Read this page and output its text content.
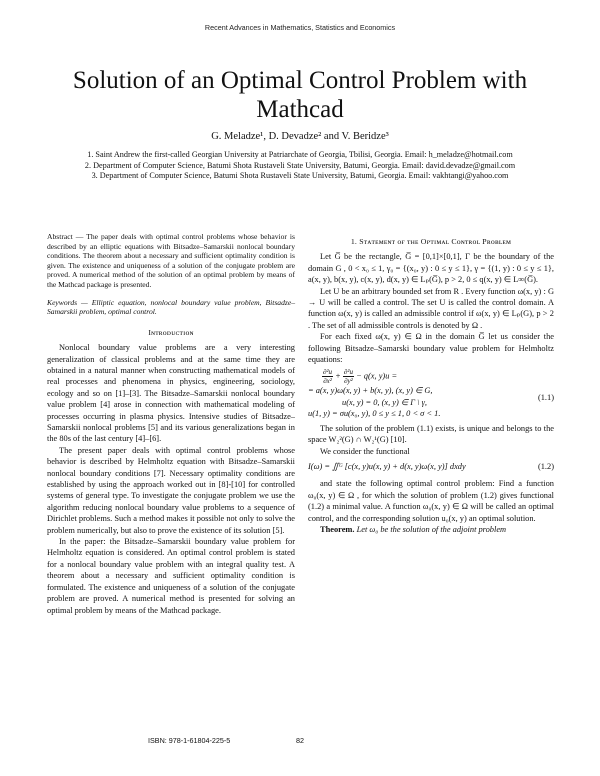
Recent Advances in Mathematics, Statistics and Economics
Solution of an Optimal Control Problem with Mathcad
G. Meladze¹, D. Devadze² and V. Beridze³

1. Saint Andrew the first-called Georgian University at Patriarchate of Georgia, Tbilisi, Georgia. Email: h_meladze@hotmail.com

2. Department of Computer Science, Batumi Shota Rustaveli State University, Batumi, Georgia. Email: david.devadze@gmail.com

3. Department of Computer Science, Batumi Shota Rustaveli State University, Batumi, Georgia. Email: vakhtangi@yahoo.com

Abstract — The paper deals with optimal control problems whose behavior is described by an elliptic equations with Bitsadze–Samarskii nonlocal boundary conditions. The theorem about a necessary and sufficient optimality condition is given. The existence and uniqueness of a solution of the conjugate problem are proved. A numerical method of the solution of an optimal problem by means of the Mathcad package is presented.

Keywords — Elliptic equation, nonlocal boundary value problem, Bitsadze–Samarskii problem, optimal control.

Iɴᴛʀᴏᴅᴜᴄᴛɪᴏɴ

Nonlocal boundary value problems are a very interesting generalization of classical problems and at the same time they are obtained in a natural manner when constructing mathematical models of real processes and phenomena in physics, engineering, sociology, ecology and so on [1]–[3]. The Bitsadze–Samarskii nonlocal boundary value problem [4] arose in connection with mathematical modeling of processes occurring in plasma physics. Intensive studies of Bitsadze–Samarskii nonlocal problems [5] and its various generalizations began in the 80s of the last century [4]–[6].

The present paper deals with optimal control problems whose behavior is described by Helmholtz equation with Bitsadze–Samarskii nonlocal boundary conditions [7]. Necessary optimality conditions are established by using the approach worked out in [8]-[10] for controlled systems of general type. To investigate the conjugate problem we use the algorithm reducing nonlocal boundary value problems to a sequence of Dirichlet problems. Such a method makes it possible not only to solve the problem numerically, but also to prove the existence of its solution [5].

In the paper: the Bitsadze–Samarskii boundary value problem for Helmholtz equation is considered. An optimal control problem is stated for a nonlocal boundary value problem with an integral quality test. A theorem about a necessary and sufficient optimality condition is formulated. The existence and uniqueness of a solution of the conjugate problem are proved. A numerical method is presented for solving an optimal problem by means of the Mathcad package.

1. Sᴛᴀᴛᴇᴍᴇɴᴛ ᴏғ ᴛʜᴇ Oᴘᴛɪᴍᴀʟ Cᴏɴᴛʀᴏʟ Pʀᴏʙʟᴇᴍ

Let G̅ be the rectangle, G̅ = [0,1]×[0,1], Γ be the boundary of the domain G , 0 < x₀ ≤ 1, γ₀ = {(x₀, y) : 0 ≤ y ≤ 1}, γ = {(1, y) : 0 ≤ y ≤ 1}, a(x, y), b(x, y), c(x, y), d(x, y) ∈ Lₚ(G̅), p > 2, 0 ≤ q(x, y) ∈ L∞(G̅).

Let U be an arbitrary bounded set from R . Every function ω(x, y) : G → U will be called a control. The set U is called the control domain. A function ω(x, y) is called an admissible control if ω(x, y) ∈ Lₚ(G), p > 2 . The set of all admissible controls is denoted by Ω .

For each fixed ω(x, y) ∈ Ω in the domain G̅ let us consider the following Bitsadze–Samarski boundary value problem for Helmholtz equations:

$\frac{\text{∂²u}}{\text{∂x²}} + \frac{\text{∂²u}}{\text{∂y²}} - q(x$, y)u =
= a(x, y)ω(x, y) + b(x, y), (x, y) ∈ G,
u(x, y) = 0, (x, y) ∈ Γ \ γ,
u(1, y) = σu(x₀, y), 0 ≤ y ≤ 1, 0 < σ < 1.
(1.1)

The solution of the problem (1.1) exists, is unique and belongs to the space W₂²(G) ∩ W₂¹(G) [10].

We consider the functional

I(ω) = ∬ᴳ [c(x, y)u(x, y) + d(x, y)ω(x, y)] dxdy	(1.2)

and state the following optimal control problem: Find a function ω₀(x, y) ∈ Ω , for which the solution of problem (1.2) gives functional (1.2) a minimal value. A function ω₀(x, y) ∈ Ω will be called an optimal control, and the corresponding solution u₀(x, y) an optimal solution.

Theorem. Let ω₀ be the solution of the adjoint problem

ISBN: 978-1-61804-225-5	82
